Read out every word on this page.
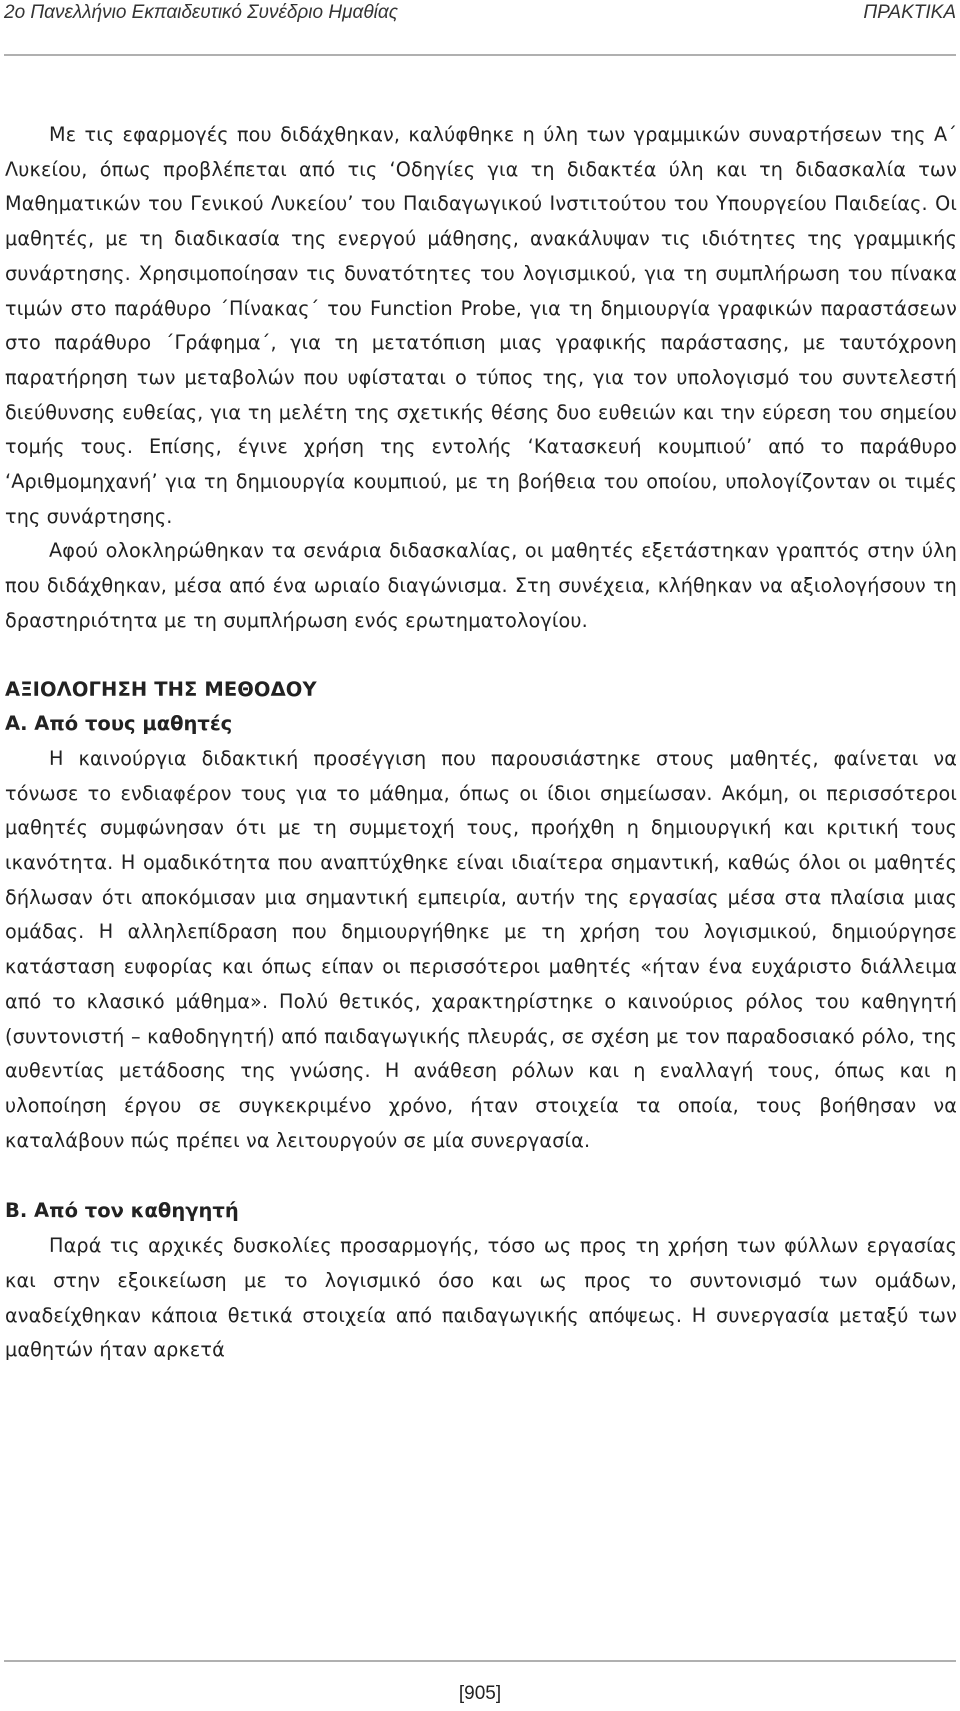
2ο Πανελλήνιο Εκπαιδευτικό Συνέδριο Ημαθίας	ΠΡΑΚΤΙΚΑ

Με τις εφαρμογές που διδάχθηκαν, καλύφθηκε η ύλη των γραμμικών συναρτήσεων της Α΄ Λυκείου, όπως προβλέπεται από τις ‘Οδηγίες για τη διδακτέα ύλη και τη διδασκαλία των Μαθηματικών του Γενικού Λυκείου’ του Παιδαγωγικού Ινστιτούτου του Υπουργείου Παιδείας. Οι μαθητές, με τη διαδικασία της ενεργού μάθησης, ανακάλυψαν τις ιδιότητες της γραμμικής συνάρτησης. Χρησιμοποίησαν τις δυνατότητες του λογισμικού, για τη συμπλήρωση του πίνακα τιμών στο παράθυρο ΄Πίνακας΄ του Function Probe, για τη δημιουργία γραφικών παραστάσεων στο παράθυρο ΄Γράφημα΄, για τη μετατόπιση μιας γραφικής παράστασης, με ταυτόχρονη παρατήρηση των μεταβολών που υφίσταται ο τύπος της, για τον υπολογισμό του συντελεστή διεύθυνσης ευθείας, για τη μελέτη της σχετικής θέσης δυο ευθειών και την εύρεση του σημείου τομής τους. Επίσης, έγινε χρήση της εντολής ‘Κατασκευή κουμπιού’ από το παράθυρο ‘Αριθμομηχανή’ για τη δημιουργία κουμπιού, με τη βοήθεια του οποίου, υπολογίζονταν οι τιμές της συνάρτησης.

Αφού ολοκληρώθηκαν τα σενάρια διδασκαλίας, οι μαθητές εξετάστηκαν γραπτός στην ύλη που διδάχθηκαν, μέσα από ένα ωριαίο διαγώνισμα. Στη συνέχεια, κλήθηκαν να αξιολογήσουν τη δραστηριότητα με τη συμπλήρωση ενός ερωτηματολογίου.

ΑΞΙΟΛΟΓΗΣΗ ΤΗΣ ΜΕΘΟΔΟΥ
Α. Από τους μαθητές

Η καινούργια διδακτική προσέγγιση που παρουσιάστηκε στους μαθητές, φαίνεται να τόνωσε το ενδιαφέρον τους για το μάθημα, όπως οι ίδιοι σημείωσαν. Ακόμη, οι περισσότεροι μαθητές συμφώνησαν ότι με τη συμμετοχή τους, προήχθη η δημιουργική και κριτική τους ικανότητα. Η ομαδικότητα που αναπτύχθηκε είναι ιδιαίτερα σημαντική, καθώς όλοι οι μαθητές δήλωσαν ότι αποκόμισαν μια σημαντική εμπειρία, αυτήν της εργασίας μέσα στα πλαίσια μιας ομάδας. Η αλληλεπίδραση που δημιουργήθηκε με τη χρήση του λογισμικού, δημιούργησε κατάσταση ευφορίας και όπως είπαν οι περισσότεροι μαθητές «ήταν ένα ευχάριστο διάλλειμα από το κλασικό μάθημα». Πολύ θετικός, χαρακτηρίστηκε ο καινούριος ρόλος του καθηγητή (συντονιστή – καθοδηγητή) από παιδαγωγικής πλευράς, σε σχέση με τον παραδοσιακό ρόλο, της αυθεντίας μετάδοσης της γνώσης. Η ανάθεση ρόλων και η εναλλαγή τους, όπως και η υλοποίηση έργου σε συγκεκριμένο χρόνο, ήταν στοιχεία τα οποία, τους βοήθησαν να καταλάβουν πώς πρέπει να λειτουργούν σε μία συνεργασία.

Β. Από τον καθηγητή

Παρά τις αρχικές δυσκολίες προσαρμογής, τόσο ως προς τη χρήση των φύλλων εργασίας και στην εξοικείωση με το λογισμικό όσο και ως προς το συντονισμό των ομάδων, αναδείχθηκαν κάποια θετικά στοιχεία από παιδαγωγικής απόψεως. Η συνεργασία μεταξύ των μαθητών ήταν αρκετά

[905]
